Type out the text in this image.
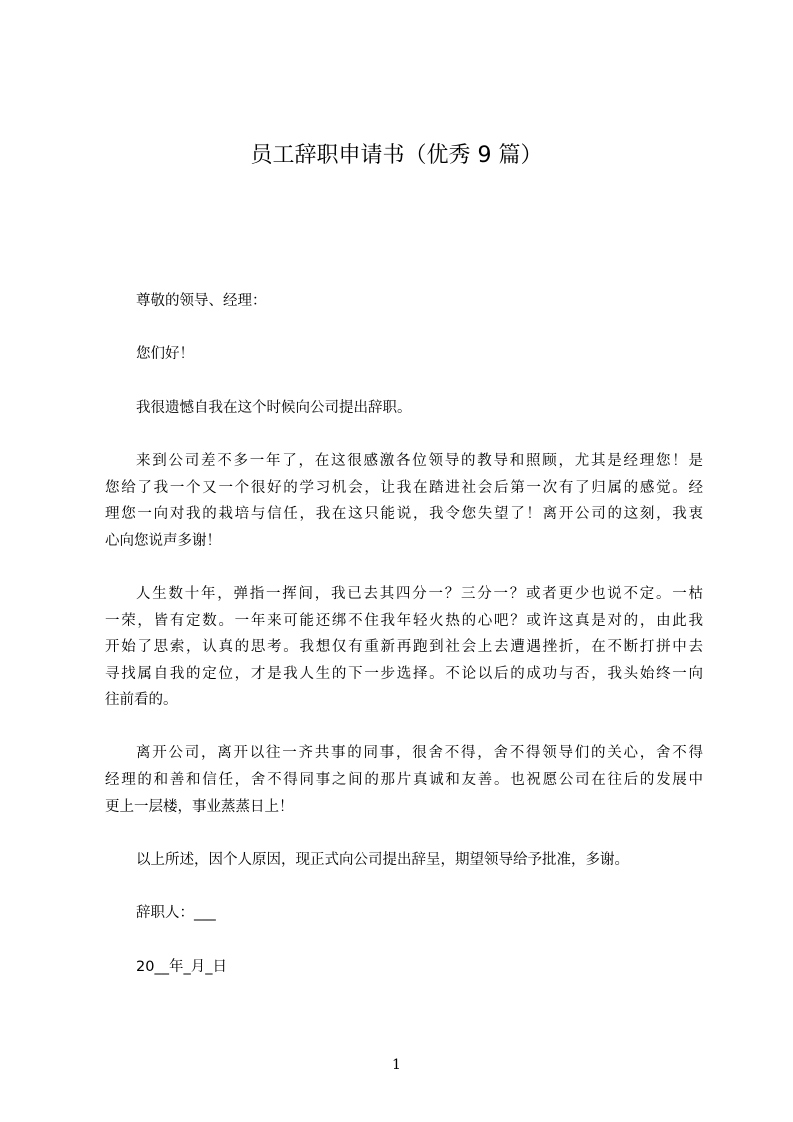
员工辞职申请书（优秀 9 篇）
尊敬的领导、经理：
您们好！
我很遗憾自我在这个时候向公司提出辞职。
来到公司差不多一年了，在这很感激各位领导的教导和照顾，尤其是经理您！是
您给了我一个又一个很好的学习机会，让我在踏进社会后第一次有了归属的感觉。经
理您一向对我的栽培与信任，我在这只能说，我令您失望了！离开公司的这刻，我衷
心向您说声多谢！
人生数十年，弹指一挥间，我已去其四分一？三分一？或者更少也说不定。一枯
一荣，皆有定数。一年来可能还绑不住我年轻火热的心吧？或许这真是对的，由此我
开始了思索，认真的思考。我想仅有重新再跑到社会上去遭遇挫折，在不断打拼中去
寻找属自我的定位，才是我人生的下一步选择。不论以后的成功与否，我头始终一向
往前看的。
离开公司，离开以往一齐共事的同事，很舍不得，舍不得领导们的关心，舍不得
经理的和善和信任，舍不得同事之间的那片真诚和友善。也祝愿公司在往后的发展中
更上一层楼，事业蒸蒸日上！
以上所述，因个人原因，现正式向公司提出辞呈，期望领导给予批准，多谢。
辞职人：___
20__年_月_日
1
